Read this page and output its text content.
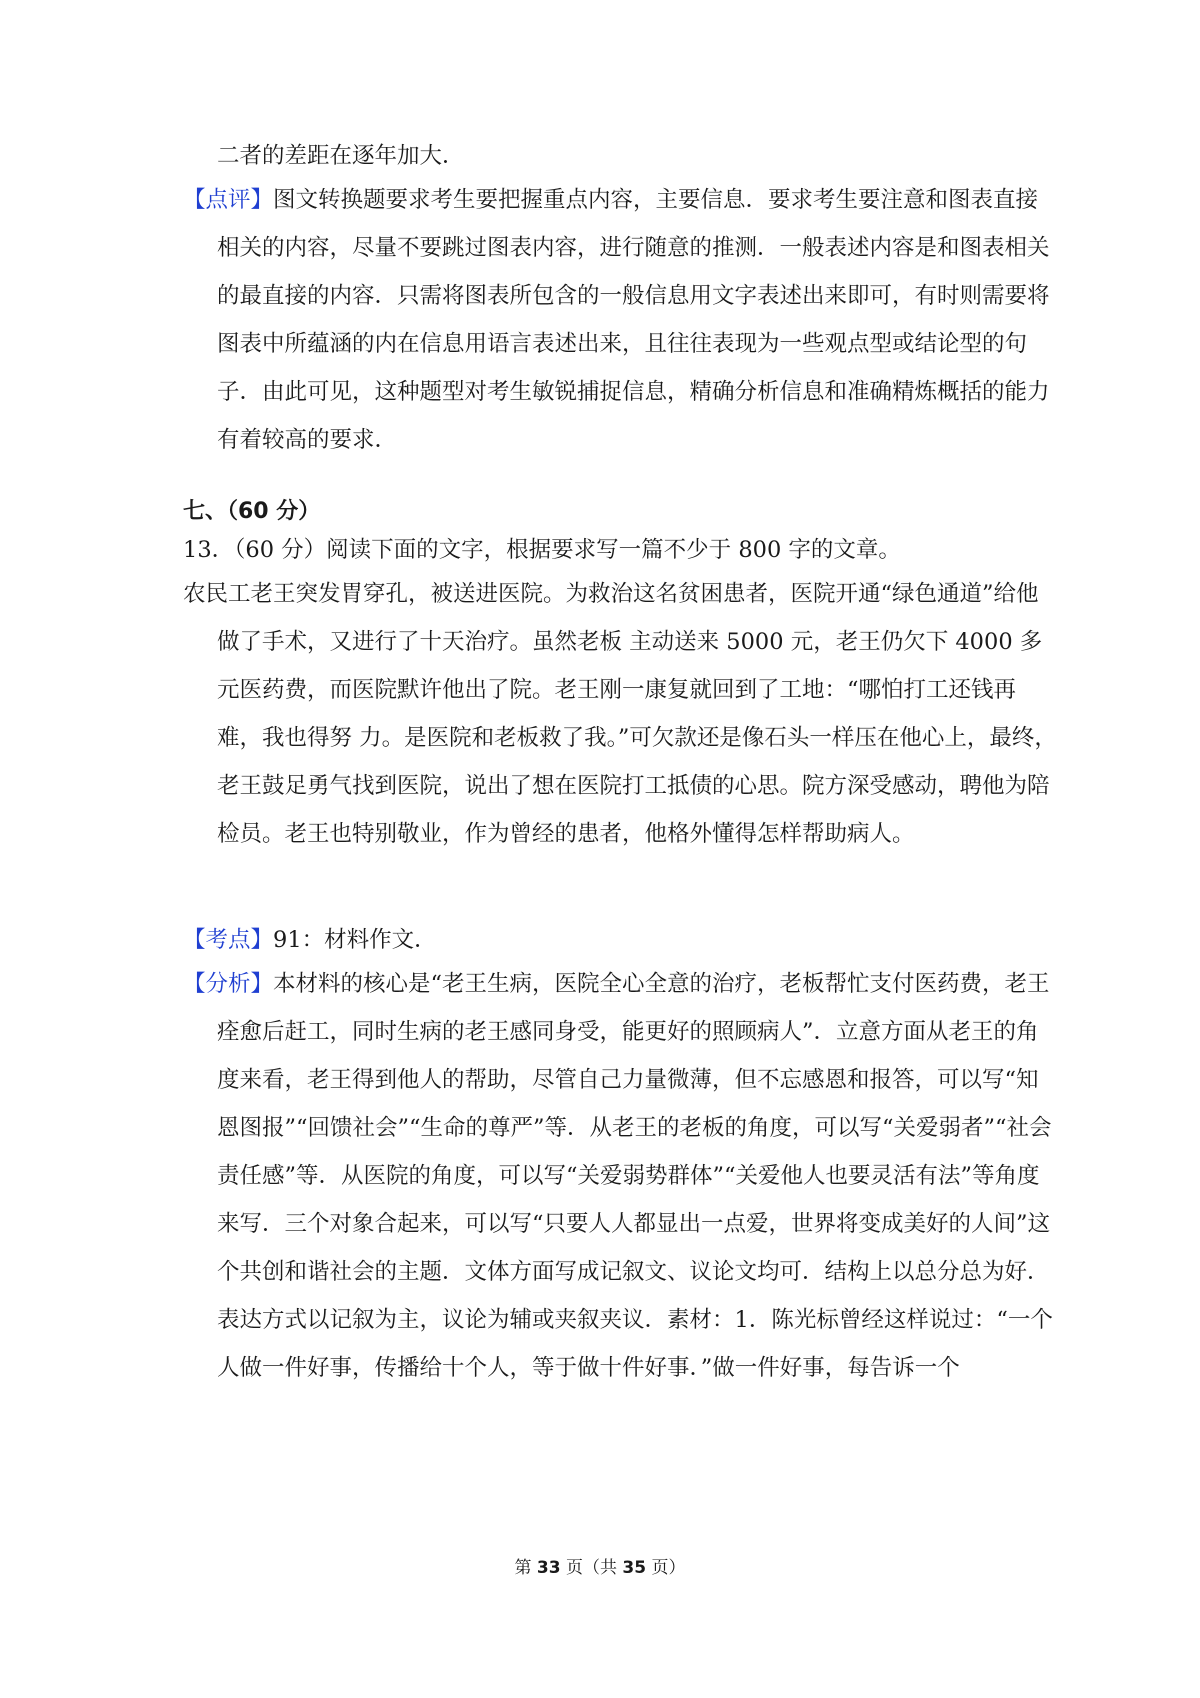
二者的差距在逐年加大．

【点评】图文转换题要求考生要把握重点内容，主要信息．要求考生要注意和图表直接相关的内容，尽量不要跳过图表内容，进行随意的推测．一般表述内容是和图表相关的最直接的内容．只需将图表所包含的一般信息用文字表述出来即可，有时则需要将图表中所蕴涵的内在信息用语言表述出来，且往往表现为一些观点型或结论型的句子．由此可见，这种题型对考生敏锐捕捉信息，精确分析信息和准确精炼概括的能力有着较高的要求．
七、（60 分）

13．（60 分）阅读下面的文字，根据要求写一篇不少于 800 字的文章。

农民工老王突发胃穿孔，被送进医院。为救治这名贫困患者，医院开通“绿色通道”给他做了手术，又进行了十天治疗。虽然老板 主动送来 5000 元，老王仍欠下 4000 多元医药费，而医院默许他出了院。老王刚一康复就回到了工地：“哪怕打工还钱再难，我也得努 力。是医院和老板救了我。”可欠款还是像石头一样压在他心上，最终，老王鼓足勇气找到医院，说出了想在医院打工抵债的心思。院方深受感动，聘他为陪检员。老王也特别敬业，作为曾经的患者，他格外懂得怎样帮助病人。
【考点】91：材料作文．
【分析】本材料的核心是“老王生病，医院全心全意的治疗，老板帮忙支付医药费，老王痊愈后赶工，同时生病的老王感同身受，能更好的照顾病人”．立意方面从老王的角度来看，老王得到他人的帮助，尽管自己力量微薄，但不忘感恩和报答，可以写“知恩图报”“回馈社会”“生命的尊严”等．从老王的老板的角度，可以写“关爱弱者”“社会责任感”等．从医院的角度，可以写“关爱弱势群体”“关爱他人也要灵活有法”等角度来写．三个对象合起来，可以写“只要人人都显出一点爱，世界将变成美好的人间”这个共创和谐社会的主题．文体方面写成记叙文、议论文均可．结构上以总分总为好．表达方式以记叙为主，议论为辅或夹叙夹议．素材：1．陈光标曾经这样说过：“一个人做一件好事，传播给十个人，等于做十件好事．”做一件好事，每告诉一个
第 33 页（共 35 页）
